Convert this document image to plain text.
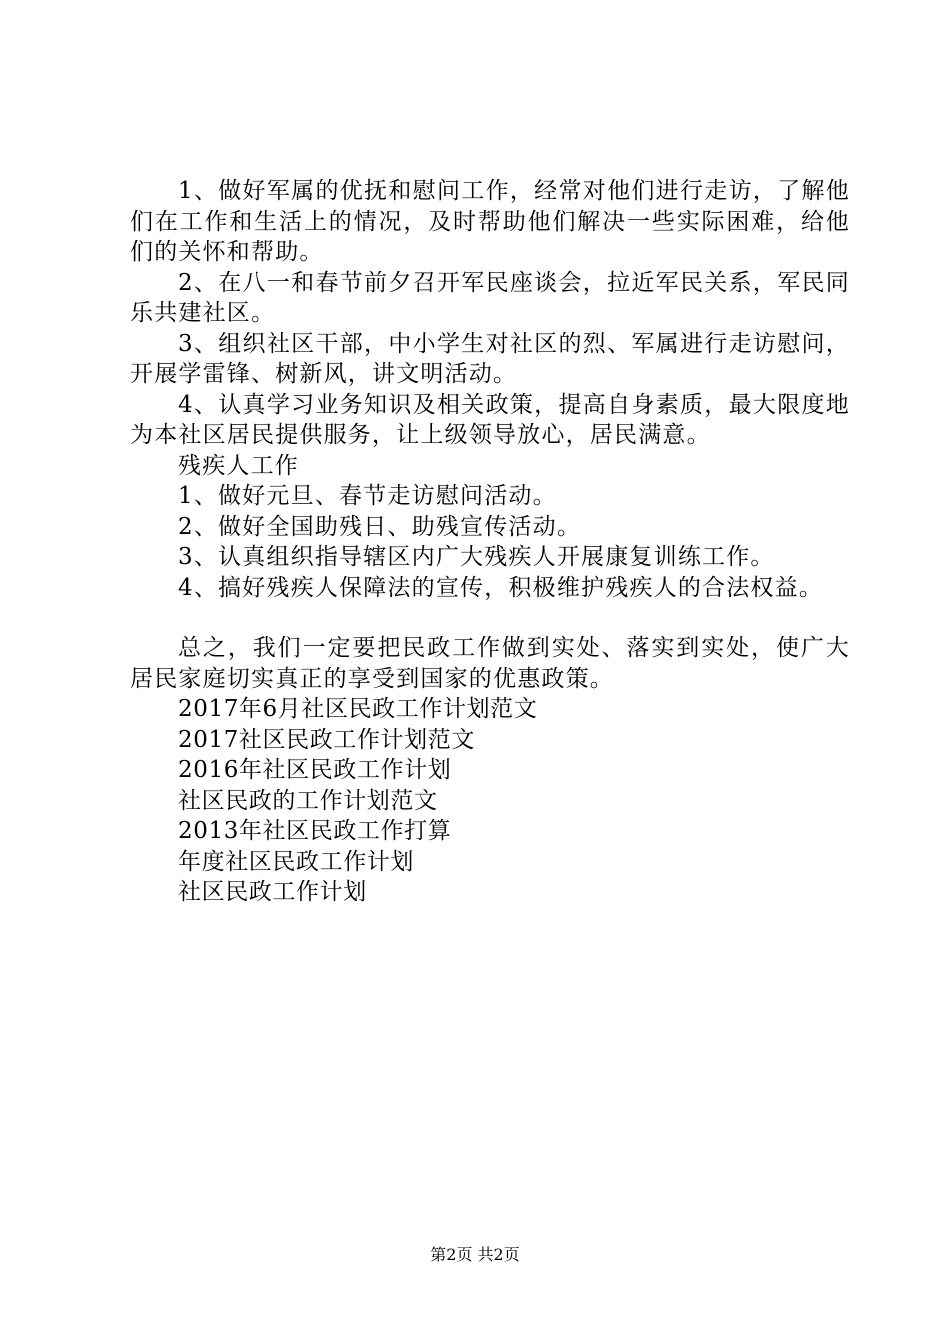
1、做好军属的优抚和慰问工作，经常对他们进行走访，了解他们在工作和生活上的情况，及时帮助他们解决一些实际困难，给他们的关怀和帮助。

2、在八一和春节前夕召开军民座谈会，拉近军民关系，军民同乐共建社区。

3、组织社区干部，中小学生对社区的烈、军属进行走访慰问，开展学雷锋、树新风，讲文明活动。

4、认真学习业务知识及相关政策，提高自身素质，最大限度地为本社区居民提供服务，让上级领导放心，居民满意。

残疾人工作

1、做好元旦、春节走访慰问活动。

2、做好全国助残日、助残宣传活动。

3、认真组织指导辖区内广大残疾人开展康复训练工作。

4、搞好残疾人保障法的宣传，积极维护残疾人的合法权益。

总之，我们一定要把民政工作做到实处、落实到实处，使广大居民家庭切实真正的享受到国家的优惠政策。

2017年6月社区民政工作计划范文

2017社区民政工作计划范文

2016年社区民政工作计划

社区民政的工作计划范文

2013年社区民政工作打算

年度社区民政工作计划

社区民政工作计划

第2页 共2页
